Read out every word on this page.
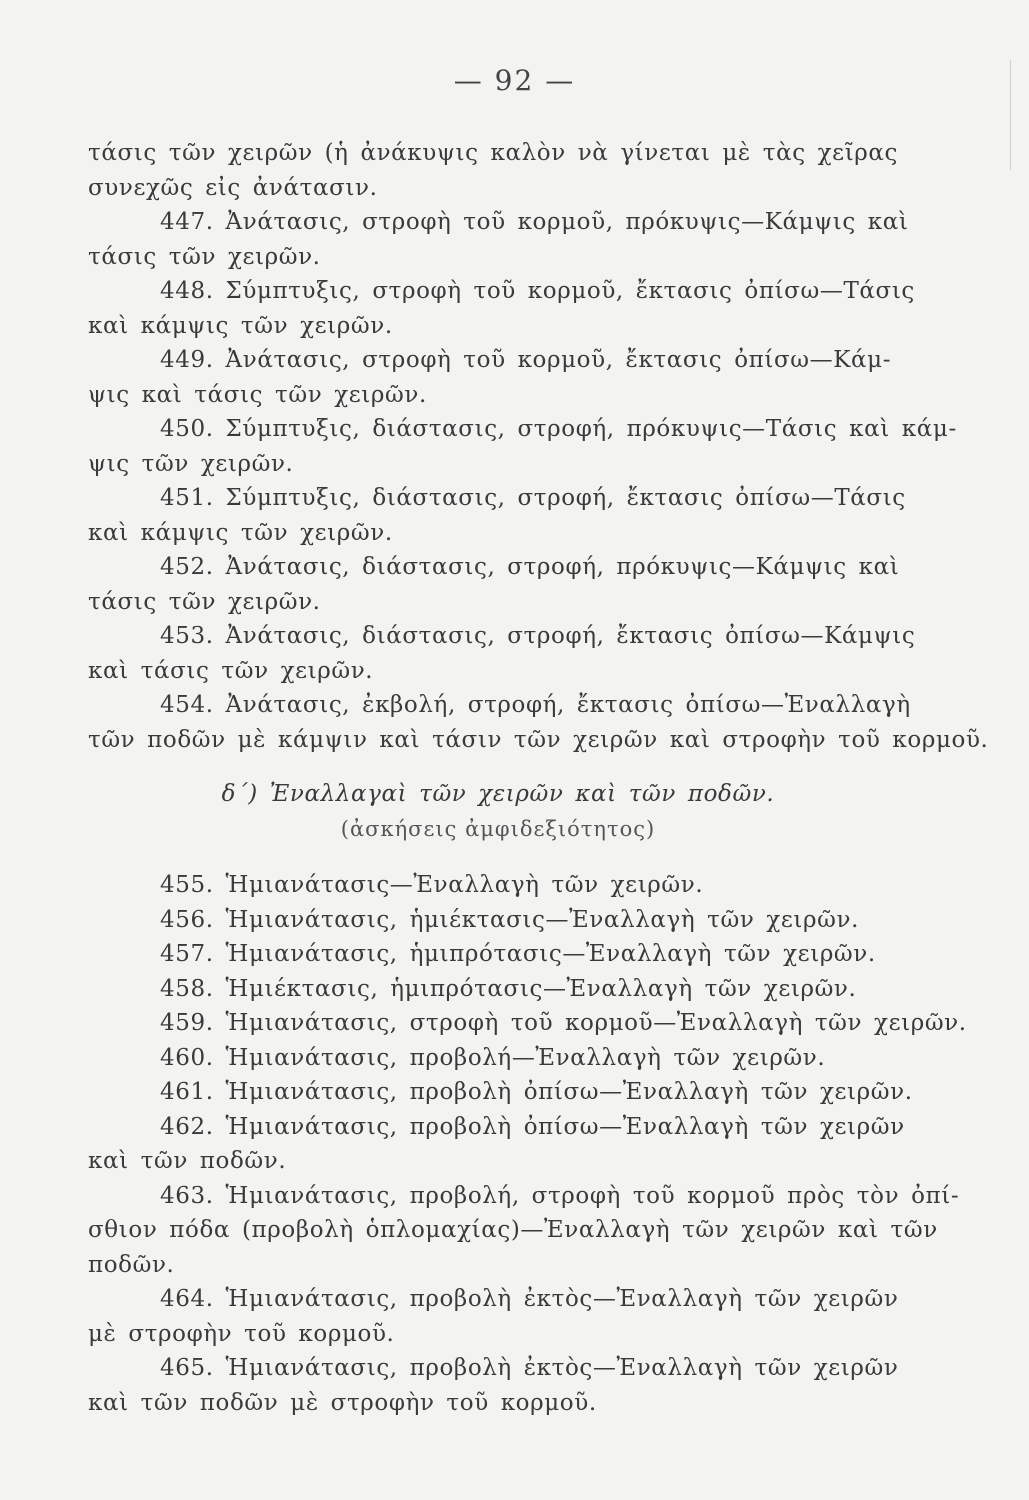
— 92 —
τάσις τῶν χειρῶν (ἡ ἀνάκυψις καλὸν νὰ γίνεται μὲ τὰς χεῖρας
συνεχῶς εἰς ἀνάτασιν.
447. Ἀνάτασις, στροφὴ τοῦ κορμοῦ, πρόκυψις—Κάμψις καὶ
τάσις τῶν χειρῶν.
448. Σύμπτυξις, στροφὴ τοῦ κορμοῦ, ἔκτασις ὀπίσω—Τάσις
καὶ κάμψις τῶν χειρῶν.
449. Ἀνάτασις, στροφὴ τοῦ κορμοῦ, ἔκτασις ὀπίσω—Κάμ-
ψις καὶ τάσις τῶν χειρῶν.
450. Σύμπτυξις, διάστασις, στροφή, πρόκυψις—Τάσις καὶ κάμ-
ψις τῶν χειρῶν.
451. Σύμπτυξις, διάστασις, στροφή, ἔκτασις ὀπίσω—Τάσις
καὶ κάμψις τῶν χειρῶν.
452. Ἀνάτασις, διάστασις, στροφή, πρόκυψις—Κάμψις καὶ
τάσις τῶν χειρῶν.
453. Ἀνάτασις, διάστασις, στροφή, ἔκτασις ὀπίσω—Κάμψις
καὶ τάσις τῶν χειρῶν.
454. Ἀνάτασις, ἐκβολή, στροφή, ἔκτασις ὀπίσω—Ἐναλλαγὴ
τῶν ποδῶν μὲ κάμψιν καὶ τάσιν τῶν χειρῶν καὶ στροφὴν τοῦ κορμοῦ.
δ΄) Ἐναλλαγαὶ τῶν χειρῶν καὶ τῶν ποδῶν.
(ἀσκήσεις ἀμφιδεξιότητος)
455. Ἡμιανάτασις—Ἐναλλαγὴ τῶν χειρῶν.
456. Ἡμιανάτασις, ἡμιέκτασις—Ἐναλλαγὴ τῶν χειρῶν.
457. Ἡμιανάτασις, ἡμιπρότασις—Ἐναλλαγὴ τῶν χειρῶν.
458. Ἡμιέκτασις, ἡμιπρότασις—Ἐναλλαγὴ τῶν χειρῶν.
459. Ἡμιανάτασις, στροφὴ τοῦ κορμοῦ—Ἐναλλαγὴ τῶν χειρῶν.
460. Ἡμιανάτασις, προβολή—Ἐναλλαγὴ τῶν χειρῶν.
461. Ἡμιανάτασις, προβολὴ ὀπίσω—Ἐναλλαγὴ τῶν χειρῶν.
462. Ἡμιανάτασις, προβολὴ ὀπίσω—Ἐναλλαγὴ τῶν χειρῶν
καὶ τῶν ποδῶν.
463. Ἡμιανάτασις, προβολή, στροφὴ τοῦ κορμοῦ πρὸς τὸν ὀπί-
σθιον πόδα (προβολὴ ὁπλομαχίας)—Ἐναλλαγὴ τῶν χειρῶν καὶ τῶν
ποδῶν.
464. Ἡμιανάτασις, προβολὴ ἐκτὸς—Ἐναλλαγὴ τῶν χειρῶν
μὲ στροφὴν τοῦ κορμοῦ.
465. Ἡμιανάτασις, προβολὴ ἐκτὸς—Ἐναλλαγὴ τῶν χειρῶν
καὶ τῶν ποδῶν μὲ στροφὴν τοῦ κορμοῦ.
